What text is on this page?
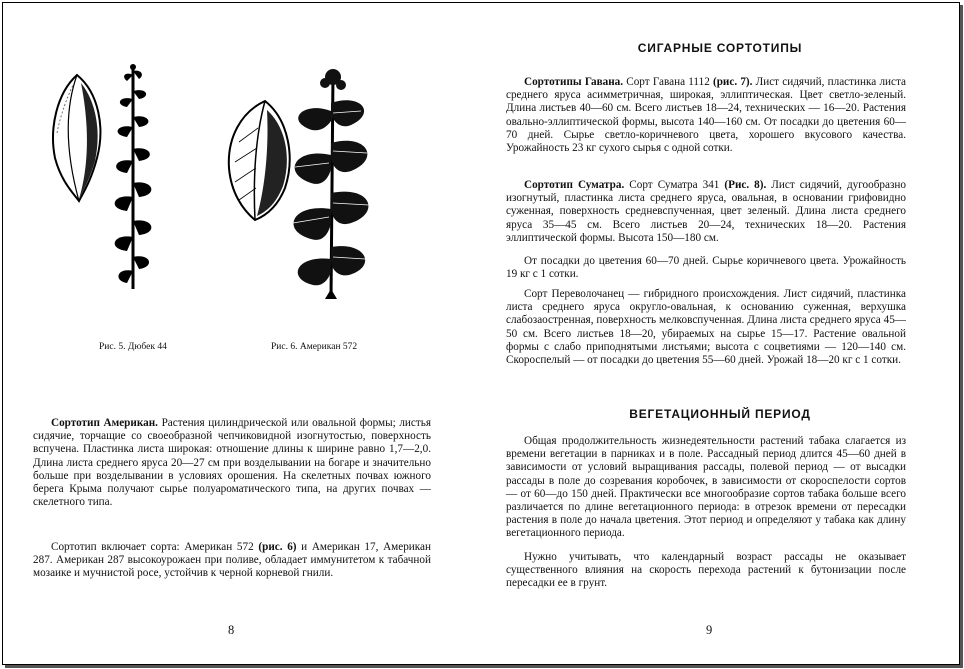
Рис. 5. Дюбек 44	Рис. 6. Американ 572

Сортотип Американ. Растения цилиндрической или овальной формы; листья сидячие, торчащие со своеобразной чепчиковидной изогнутостью, поверхность вспучена. Пластинка листа широкая: отношение длины к ширине равно 1,7—2,0. Длина листа среднего яруса 20—27 см при возделывании на богаре и значительно больше при возделывании в условиях орошения. На скелетных почвах южного берега Крыма получают сырье полуароматического типа, на других почвах — скелетного типа.

Сортотип включает сорта: Американ 572 (рис. 6) и Американ 17, Американ 287. Американ 287 высокоурожаен при поливе, обладает иммунитетом к табачной мозаике и мучнистой росе, устойчив к черной корневой гнили.

8
СИГАРНЫЕ СОРТОТИПЫ

Сортотипы Гавана. Сорт Гавана 1112 (рис. 7). Лист сидячий, пластинка листа среднего яруса асимметричная, широкая, эллиптическая. Цвет светло-зеленый. Длина листьев 40—60 см. Всего листьев 18—24, технических — 16—20. Растения овально-эллиптической формы, высота 140—160 см. От посадки до цветения 60—70 дней. Сырье светло-коричневого цвета, хорошего вкусового качества. Урожайность 23 кг сухого сырья с одной сотки.

Сортотип Суматра. Сорт Суматра 341 (Рис. 8). Лист сидячий, дугообразно изогнутый, пластинка листа среднего яруса, овальная, в основании грифовидно суженная, поверхность средневспученная, цвет зеленый. Длина листа среднего яруса 35—45 см. Всего листьев 20—24, технических 18—20. Растения эллиптической формы. Высота 150—180 см.

От посадки до цветения 60—70 дней. Сырье коричневого цвета. Урожайность 19 кг с 1 сотки.

Сорт Переволочанец — гибридного происхождения. Лист сидячий, пластинка листа среднего яруса округло-овальная, к основанию суженная, верхушка слабозаостренная, поверхность мелковспученная. Длина листа среднего яруса 45—50 см. Всего листьев 18—20, убираемых на сырье 15—17. Растение овальной формы с слабо приподнятыми листьями; высота с соцветиями — 120—140 см. Скороспелый — от посадки до цветения 55—60 дней. Урожай 18—20 кг с 1 сотки.

ВЕГЕТАЦИОННЫЙ ПЕРИОД

Общая продолжительность жизнедеятельности растений табака слагается из времени вегетации в парниках и в поле. Рассадный период длится 45—60 дней в зависимости от условий выращивания рассады, полевой период — от высадки рассады в поле до созревания коробочек, в зависимости от скороспелости сортов — от 60—до 150 дней. Практически все многообразие сортов табака больше всего различается по длине вегетационного периода: в отрезок времени от пересадки растения в поле до начала цветения. Этот период и определяют у табака как длину вегетационного периода.

Нужно учитывать, что календарный возраст рассады не оказывает существенного влияния на скорость перехода растений к бутонизации после пересадки ее в грунт.

9
